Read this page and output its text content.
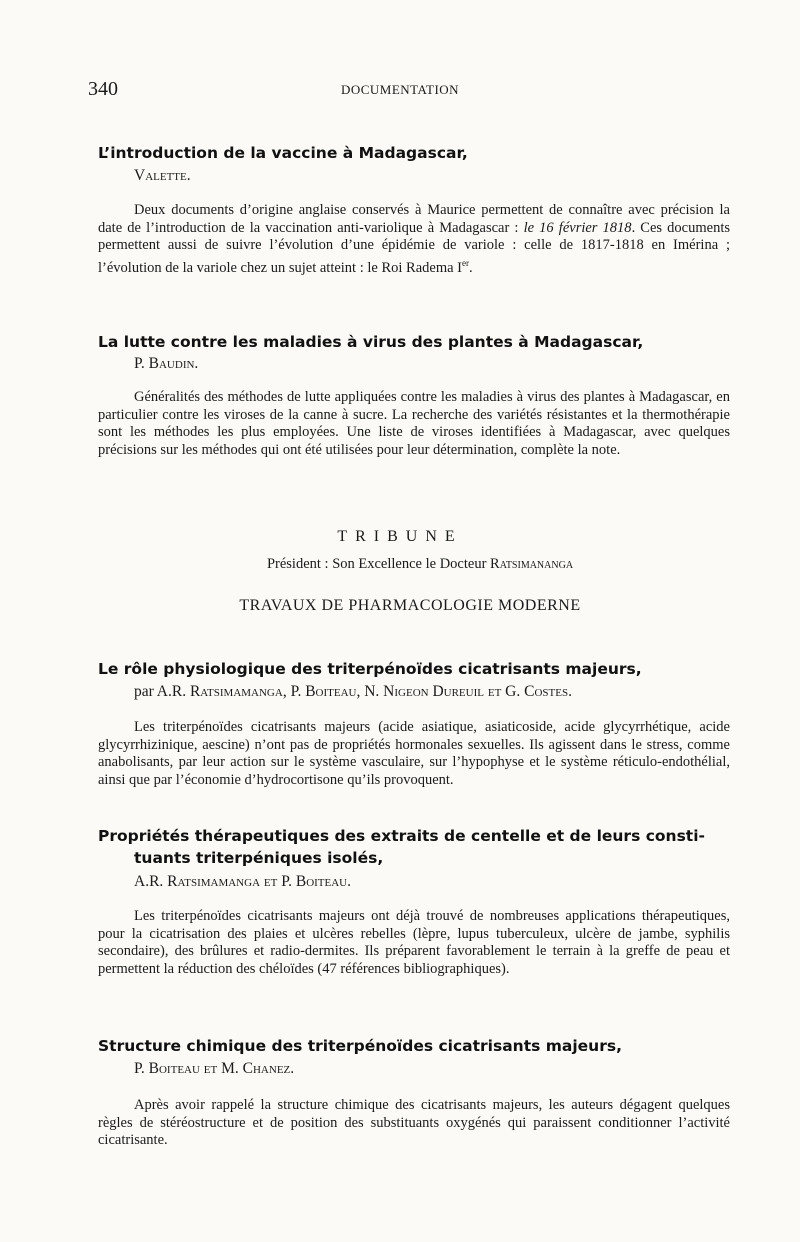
340	DOCUMENTATION
L’introduction de la vaccine à Madagascar,
Valette.
Deux documents d’origine anglaise conservés à Maurice permettent de connaître avec précision la date de l’introduction de la vaccination anti-variolique à Madagascar : le 16 février 1818. Ces documents permettent aussi de suivre l’évolution d’une épidémie de variole : celle de 1817-1818 en Imérina ; l’évolution de la variole chez un sujet atteint : le Roi Radema Ier.
La lutte contre les maladies à virus des plantes à Madagascar,
P. Baudin.
Généralités des méthodes de lutte appliquées contre les maladies à virus des plantes à Madagascar, en particulier contre les viroses de la canne à sucre. La recherche des variétés résistantes et la thermothérapie sont les méthodes les plus employées. Une liste de viroses identifiées à Madagascar, avec quelques précisions sur les méthodes qui ont été utilisées pour leur détermination, complète la note.
TRIBUNE
Président : Son Excellence le Docteur Ratsimananga
TRAVAUX DE PHARMACOLOGIE MODERNE
Le rôle physiologique des triterpénoïdes cicatrisants majeurs,
par A.R. Ratsimamanga, P. Boiteau, N. Nigeon Dureuil et G. Costes.
Les triterpénoïdes cicatrisants majeurs (acide asiatique, asiaticoside, acide glycyrrhétique, acide glycyrrhizinique, aescine) n’ont pas de propriétés hormonales sexuelles. Ils agissent dans le stress, comme anabolisants, par leur action sur le système vasculaire, sur l’hypophyse et le système réticulo-endothélial, ainsi que par l’économie d’hydrocortisone qu’ils provoquent.
Propriétés thérapeutiques des extraits de centelle et de leurs consti-
tuants triterpéniques isolés,
A.R. Ratsimamanga et P. Boiteau.
Les triterpénoïdes cicatrisants majeurs ont déjà trouvé de nombreuses applications thérapeutiques, pour la cicatrisation des plaies et ulcères rebelles (lèpre, lupus tuberculeux, ulcère de jambe, syphilis secondaire), des brûlures et radio-dermites. Ils préparent favorablement le terrain à la greffe de peau et permettent la réduction des chéloïdes (47 références bibliographiques).
Structure chimique des triterpénoïdes cicatrisants majeurs,
P. Boiteau et M. Chanez.
Après avoir rappelé la structure chimique des cicatrisants majeurs, les auteurs dégagent quelques règles de stéréostructure et de position des substituants oxygénés qui paraissent conditionner l’activité cicatrisante.
